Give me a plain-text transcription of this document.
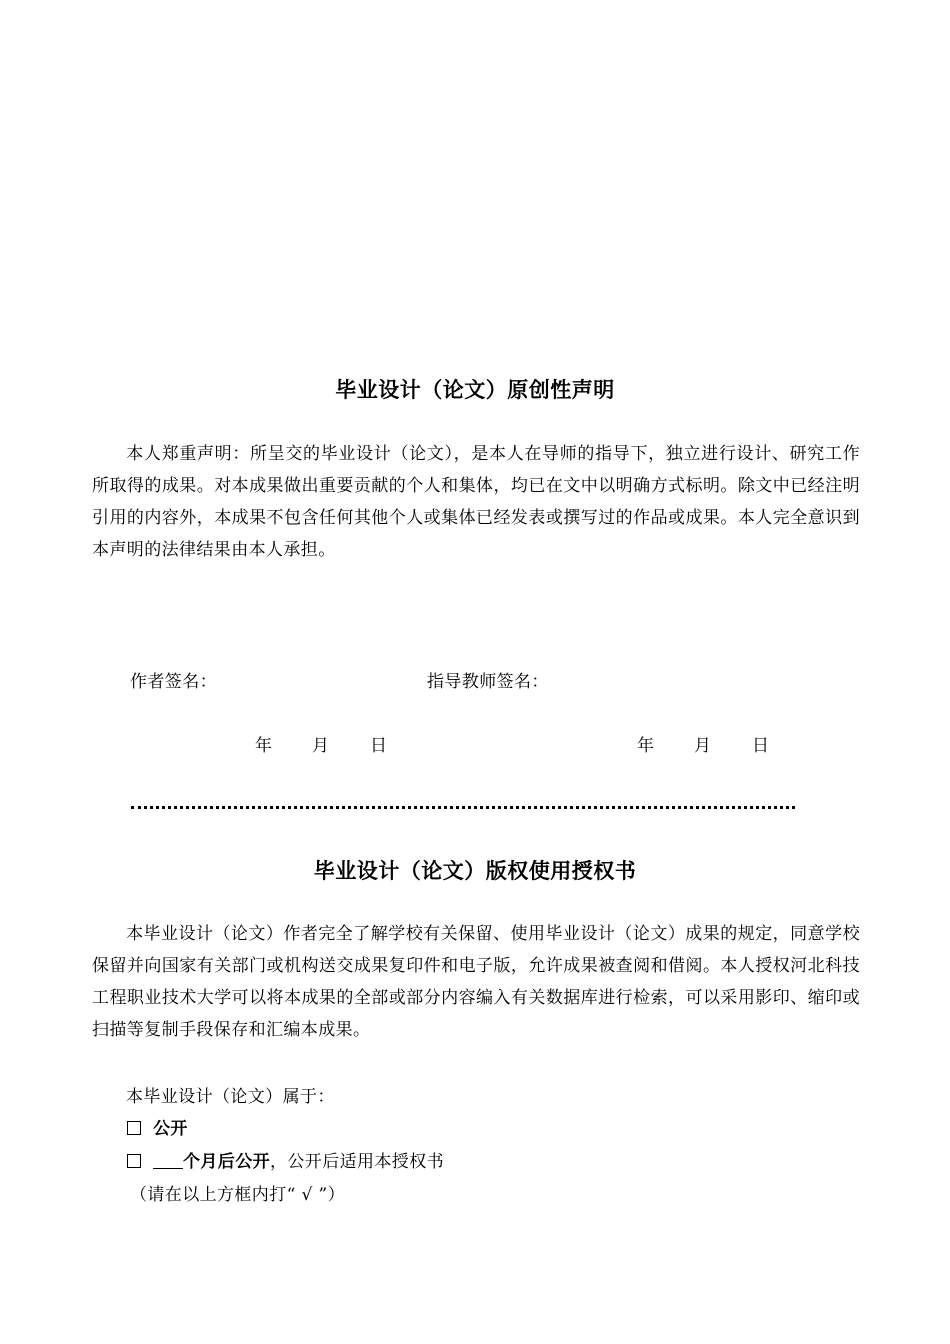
毕业设计（论文）原创性声明
本人郑重声明：所呈交的毕业设计（论文），是本人在导师的指导下，独立进行设计、研究工作所取得的成果。对本成果做出重要贡献的个人和集体，均已在文中以明确方式标明。除文中已经注明引用的内容外，本成果不包含任何其他个人或集体已经发表或撰写过的作品或成果。本人完全意识到本声明的法律结果由本人承担。
作者签名：	指导教师签名：
年 月 日	年 月 日
毕业设计（论文）版权使用授权书
本毕业设计（论文）作者完全了解学校有关保留、使用毕业设计（论文）成果的规定，同意学校保留并向国家有关部门或机构送交成果复印件和电子版，允许成果被查阅和借阅。本人授权河北科技工程职业技术大学可以将本成果的全部或部分内容编入有关数据库进行检索，可以采用影印、缩印或扫描等复制手段保存和汇编本成果。
本毕业设计（论文）属于：
公开
个月后公开，公开后适用本授权书
（请在以上方框内打“ √ ”）
